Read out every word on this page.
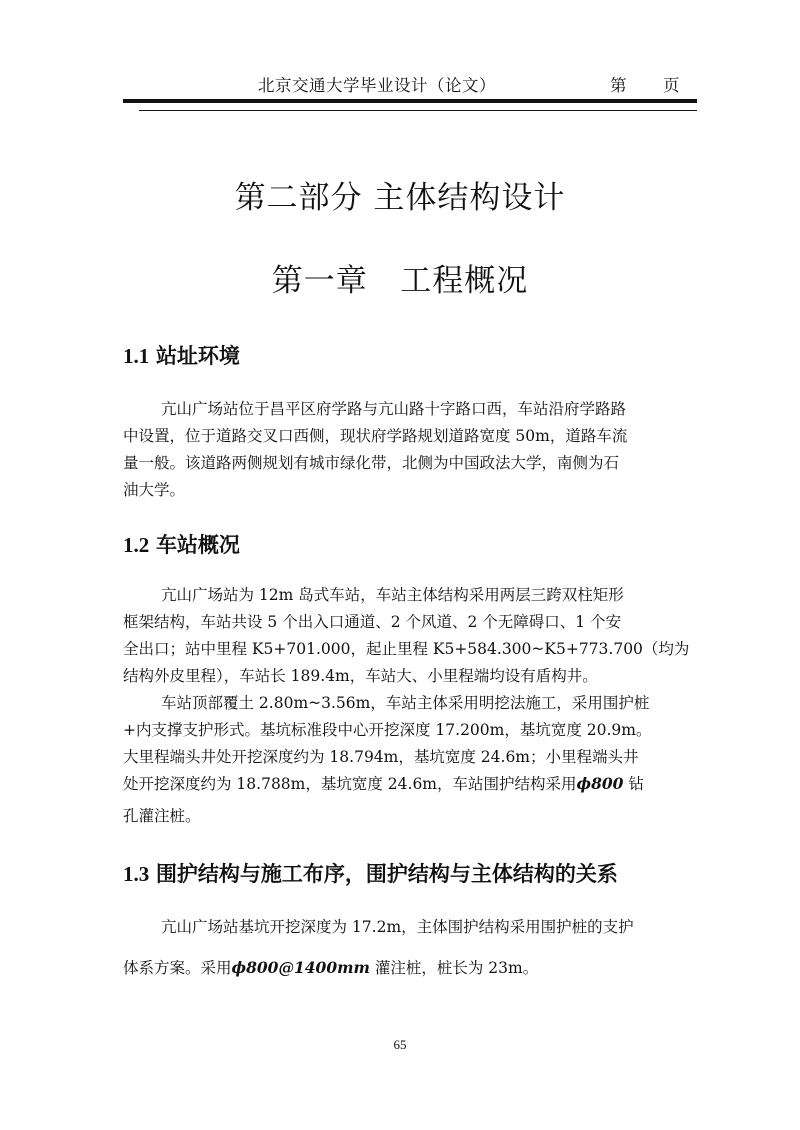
北京交通大学毕业设计（论文）	第 页
第二部分 主体结构设计
第一章   工程概况
1.1 站址环境
亢山广场站位于昌平区府学路与亢山路十字路口西，车站沿府学路路
中设置，位于道路交叉口西侧，现状府学路规划道路宽度 50m，道路车流
量一般。该道路两侧规划有城市绿化带，北侧为中国政法大学，南侧为石
油大学。
1.2 车站概况
亢山广场站为 12m 岛式车站，车站主体结构采用两层三跨双柱矩形
框架结构，车站共设 5 个出入口通道、2 个风道、2 个无障碍口、1 个安
全出口；站中里程 K5+701.000，起止里程 K5+584.300~K5+773.700（均为
结构外皮里程），车站长 189.4m，车站大、小里程端均设有盾构井。
车站顶部覆土 2.80m~3.56m，车站主体采用明挖法施工，采用围护桩
+内支撑支护形式。基坑标准段中心开挖深度 17.200m，基坑宽度 20.9m。
大里程端头井处开挖深度约为 18.794m，基坑宽度 24.6m；小里程端头井
处开挖深度约为 18.788m，基坑宽度 24.6m，车站围护结构采用ϕ800 钻
孔灌注桩。
1.3 围护结构与施工布序，围护结构与主体结构的关系
亢山广场站基坑开挖深度为 17.2m，主体围护结构采用围护桩的支护
体系方案。采用ϕ800@1400mm 灌注桩，桩长为 23m。
65
